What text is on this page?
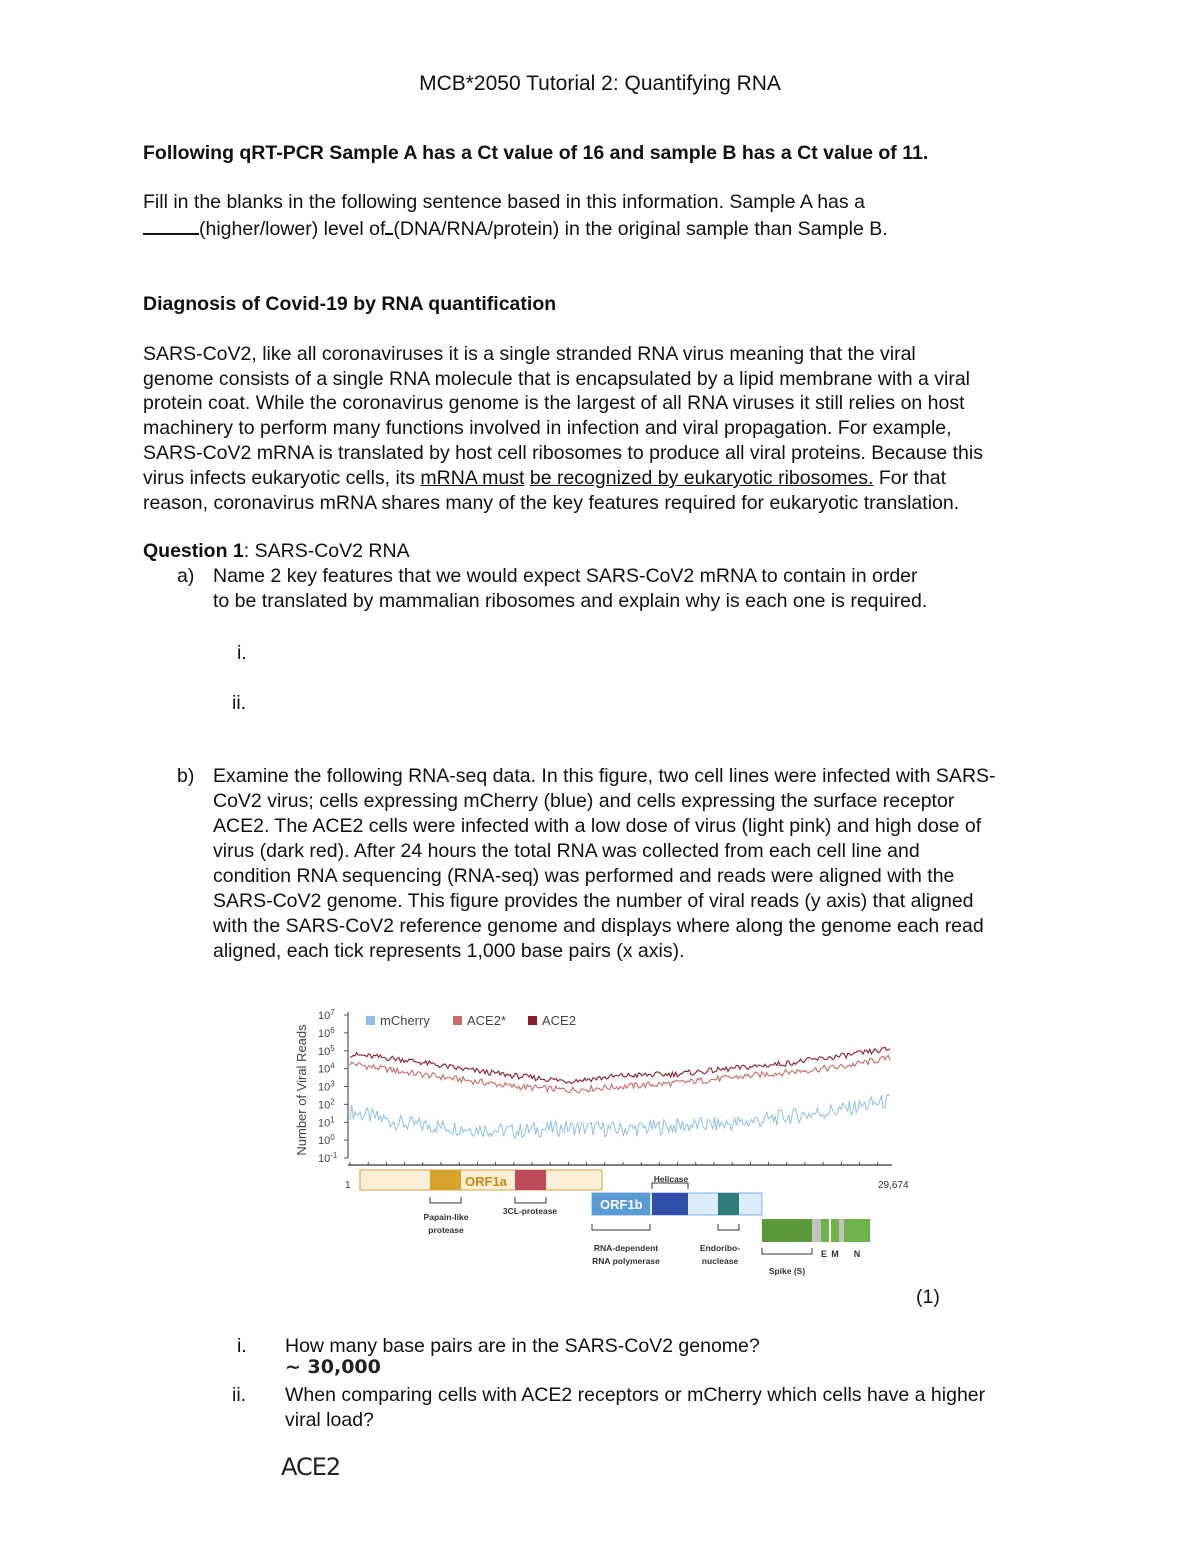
MCB*2050 Tutorial 2: Quantifying RNA
Following qRT-PCR Sample A has a Ct value of 16 and sample B has a Ct value of 11.
Fill in the blanks in the following sentence based in this information. Sample A has a
(higher/lower) level of (DNA/RNA/protein) in the original sample than Sample B.
Diagnosis of Covid-19 by RNA quantification
SARS-CoV2, like all coronaviruses it is a single stranded RNA virus meaning that the viral
genome consists of a single RNA molecule that is encapsulated by a lipid membrane with a viral
protein coat. While the coronavirus genome is the largest of all RNA viruses it still relies on host
machinery to perform many functions involved in infection and viral propagation. For example,
SARS-CoV2 mRNA is translated by host cell ribosomes to produce all viral proteins. Because this
virus infects eukaryotic cells, its mRNA must be recognized by eukaryotic ribosomes. For that
reason, coronavirus mRNA shares many of the key features required for eukaryotic translation.
Question 1: SARS-CoV2 RNA
a) Name 2 key features that we would expect SARS-CoV2 mRNA to contain in order
to be translated by mammalian ribosomes and explain why is each one is required.
i.
ii.
b) Examine the following RNA-seq data. In this figure, two cell lines were infected with SARS-
CoV2 virus; cells expressing mCherry (blue) and cells expressing the surface receptor
ACE2. The ACE2 cells were infected with a low dose of virus (light pink) and high dose of
virus (dark red). After 24 hours the total RNA was collected from each cell line and
condition RNA sequencing (RNA-seq) was performed and reads were aligned with the
SARS-CoV2 genome. This figure provides the number of viral reads (y axis) that aligned
with the SARS-CoV2 reference genome and displays where along the genome each read
aligned, each tick represents 1,000 base pairs (x axis).
Number of Viral Reads
$10^7$
$10^6$
$10^5$
$10^4$
$10^3$
$10^2$
$10^1$
$10^0$
$10^{-1}$
mCherry	ACE2*	ACE2
1	29,674
ORF1a
ORF1b
Papain-like
protease
3CL-protease
Helicase
RNA-dependent
RNA polymerase
Endoribo-
nuclease
Spike (S)
E M N
(1)
i. How many base pairs are in the SARS-CoV2 genome?
~ 30,000
ii. When comparing cells with ACE2 receptors or mCherry which cells have a higher
viral load?
ACE2
